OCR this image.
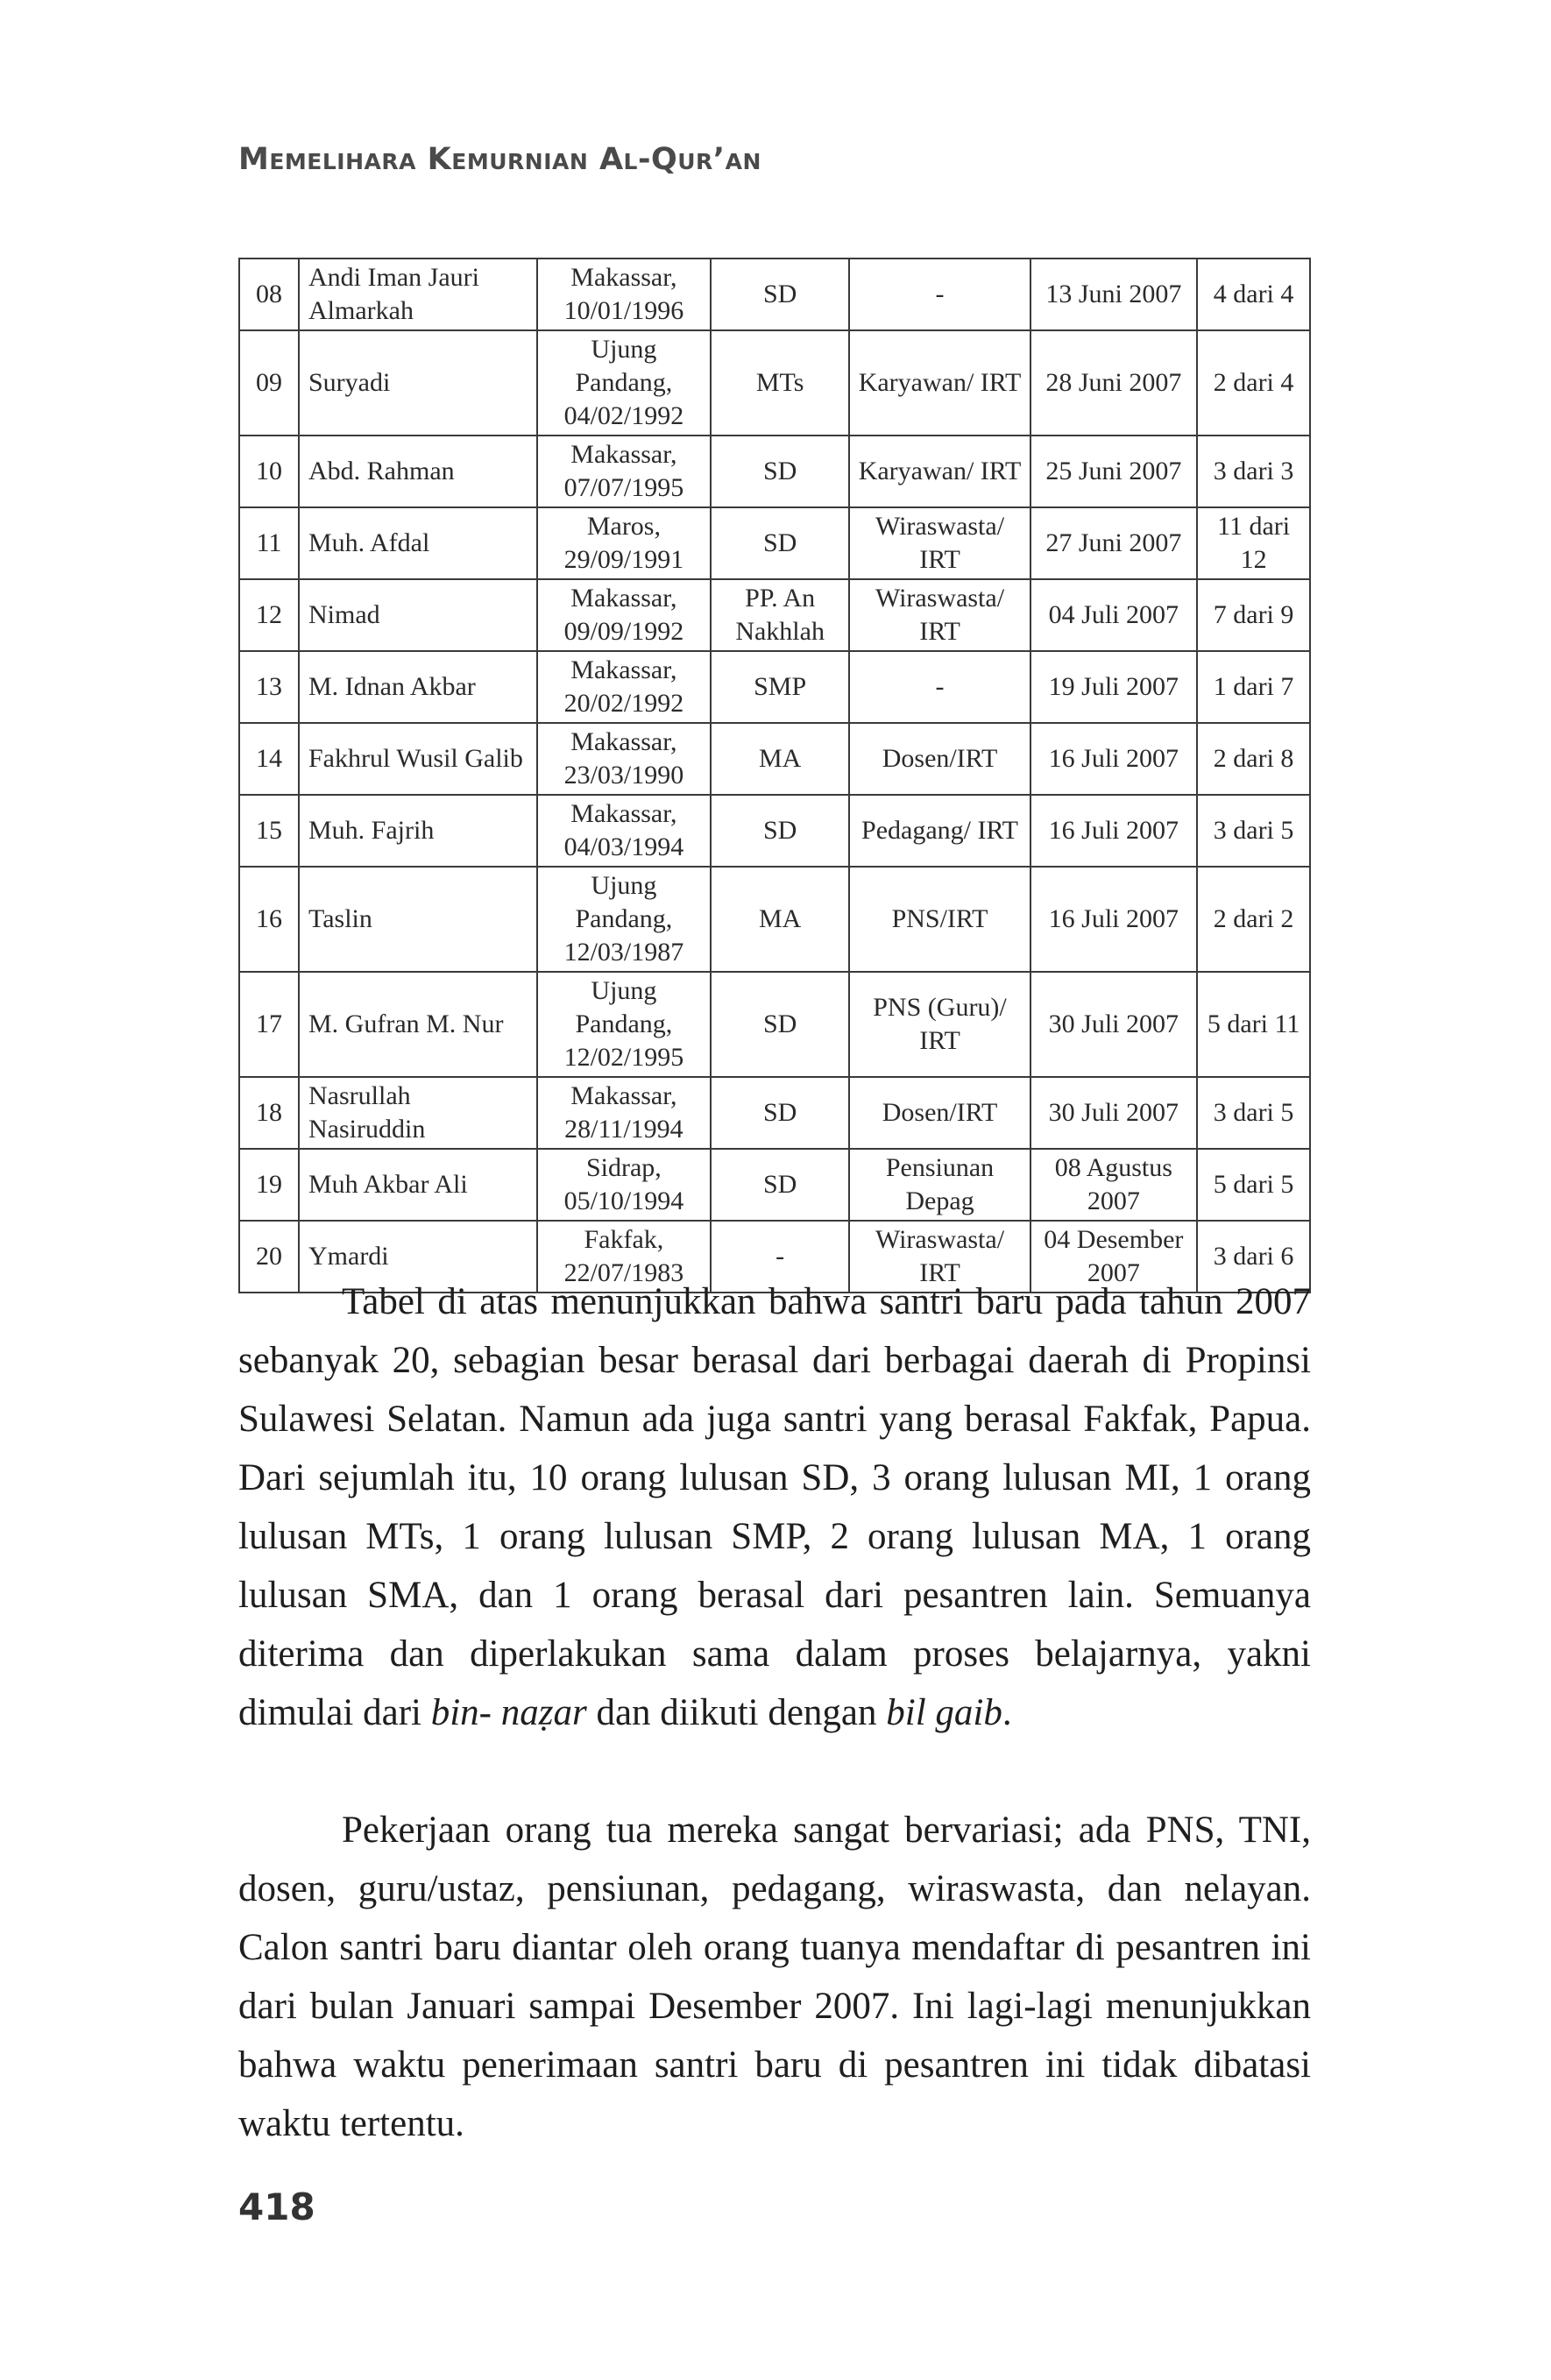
Memelihara Kemurnian Al-Qur’an
08	Andi Iman Jauri Almarkah	Makassar, 10/01/1996	SD	-	13 Juni 2007	4 dari 4
09	Suryadi	Ujung Pandang, 04/02/1992	MTs	Karyawan/ IRT	28 Juni 2007	2 dari 4
10	Abd. Rahman	Makassar, 07/07/1995	SD	Karyawan/ IRT	25 Juni 2007	3 dari 3
11	Muh. Afdal	Maros, 29/09/1991	SD	Wiraswasta/ IRT	27 Juni 2007	11 dari 12
12	Nimad	Makassar, 09/09/1992	PP. An Nakhlah	Wiraswasta/ IRT	04 Juli 2007	7 dari 9
13	M. Idnan Akbar	Makassar, 20/02/1992	SMP	-	19 Juli 2007	1 dari 7
14	Fakhrul Wusil Galib	Makassar, 23/03/1990	MA	Dosen/IRT	16 Juli 2007	2 dari 8
15	Muh. Fajrih	Makassar, 04/03/1994	SD	Pedagang/ IRT	16 Juli 2007	3 dari 5
16	Taslin	Ujung Pandang, 12/03/1987	MA	PNS/IRT	16 Juli 2007	2 dari 2
17	M. Gufran M. Nur	Ujung Pandang, 12/02/1995	SD	PNS (Guru)/ IRT	30 Juli 2007	5 dari 11
18	Nasrullah Nasiruddin	Makassar, 28/11/1994	SD	Dosen/IRT	30 Juli 2007	3 dari 5
19	Muh Akbar Ali	Sidrap, 05/10/1994	SD	Pensiunan Depag	08 Agustus 2007	5 dari 5
20	Ymardi	Fakfak, 22/07/1983	-	Wiraswasta/ IRT	04 Desember 2007	3 dari 6

Tabel di atas menunjukkan bahwa santri baru pada tahun 2007 sebanyak 20, sebagian besar berasal dari berbagai daerah di Propinsi Sulawesi Selatan. Namun ada juga santri yang berasal Fakfak, Papua. Dari sejumlah itu, 10 orang lulusan SD, 3 orang lulusan MI, 1 orang lulusan MTs, 1 orang lulusan SMP, 2 orang lulusan MA, 1 orang lulusan SMA, dan 1 orang berasal dari pesantren lain. Semuanya diterima dan diperlakukan sama dalam proses belajarnya, yakni dimulai dari bin- naẓar dan diikuti dengan bil gaib.

Pekerjaan orang tua mereka sangat bervariasi; ada PNS, TNI, dosen, guru/ustaz, pensiunan, pedagang, wiraswasta, dan nelayan. Calon santri baru diantar oleh orang tuanya mendaftar di pesantren ini dari bulan Januari sampai Desember 2007. Ini lagi-lagi menunjukkan bahwa waktu penerimaan santri baru di pesantren ini tidak dibatasi waktu tertentu.

418
